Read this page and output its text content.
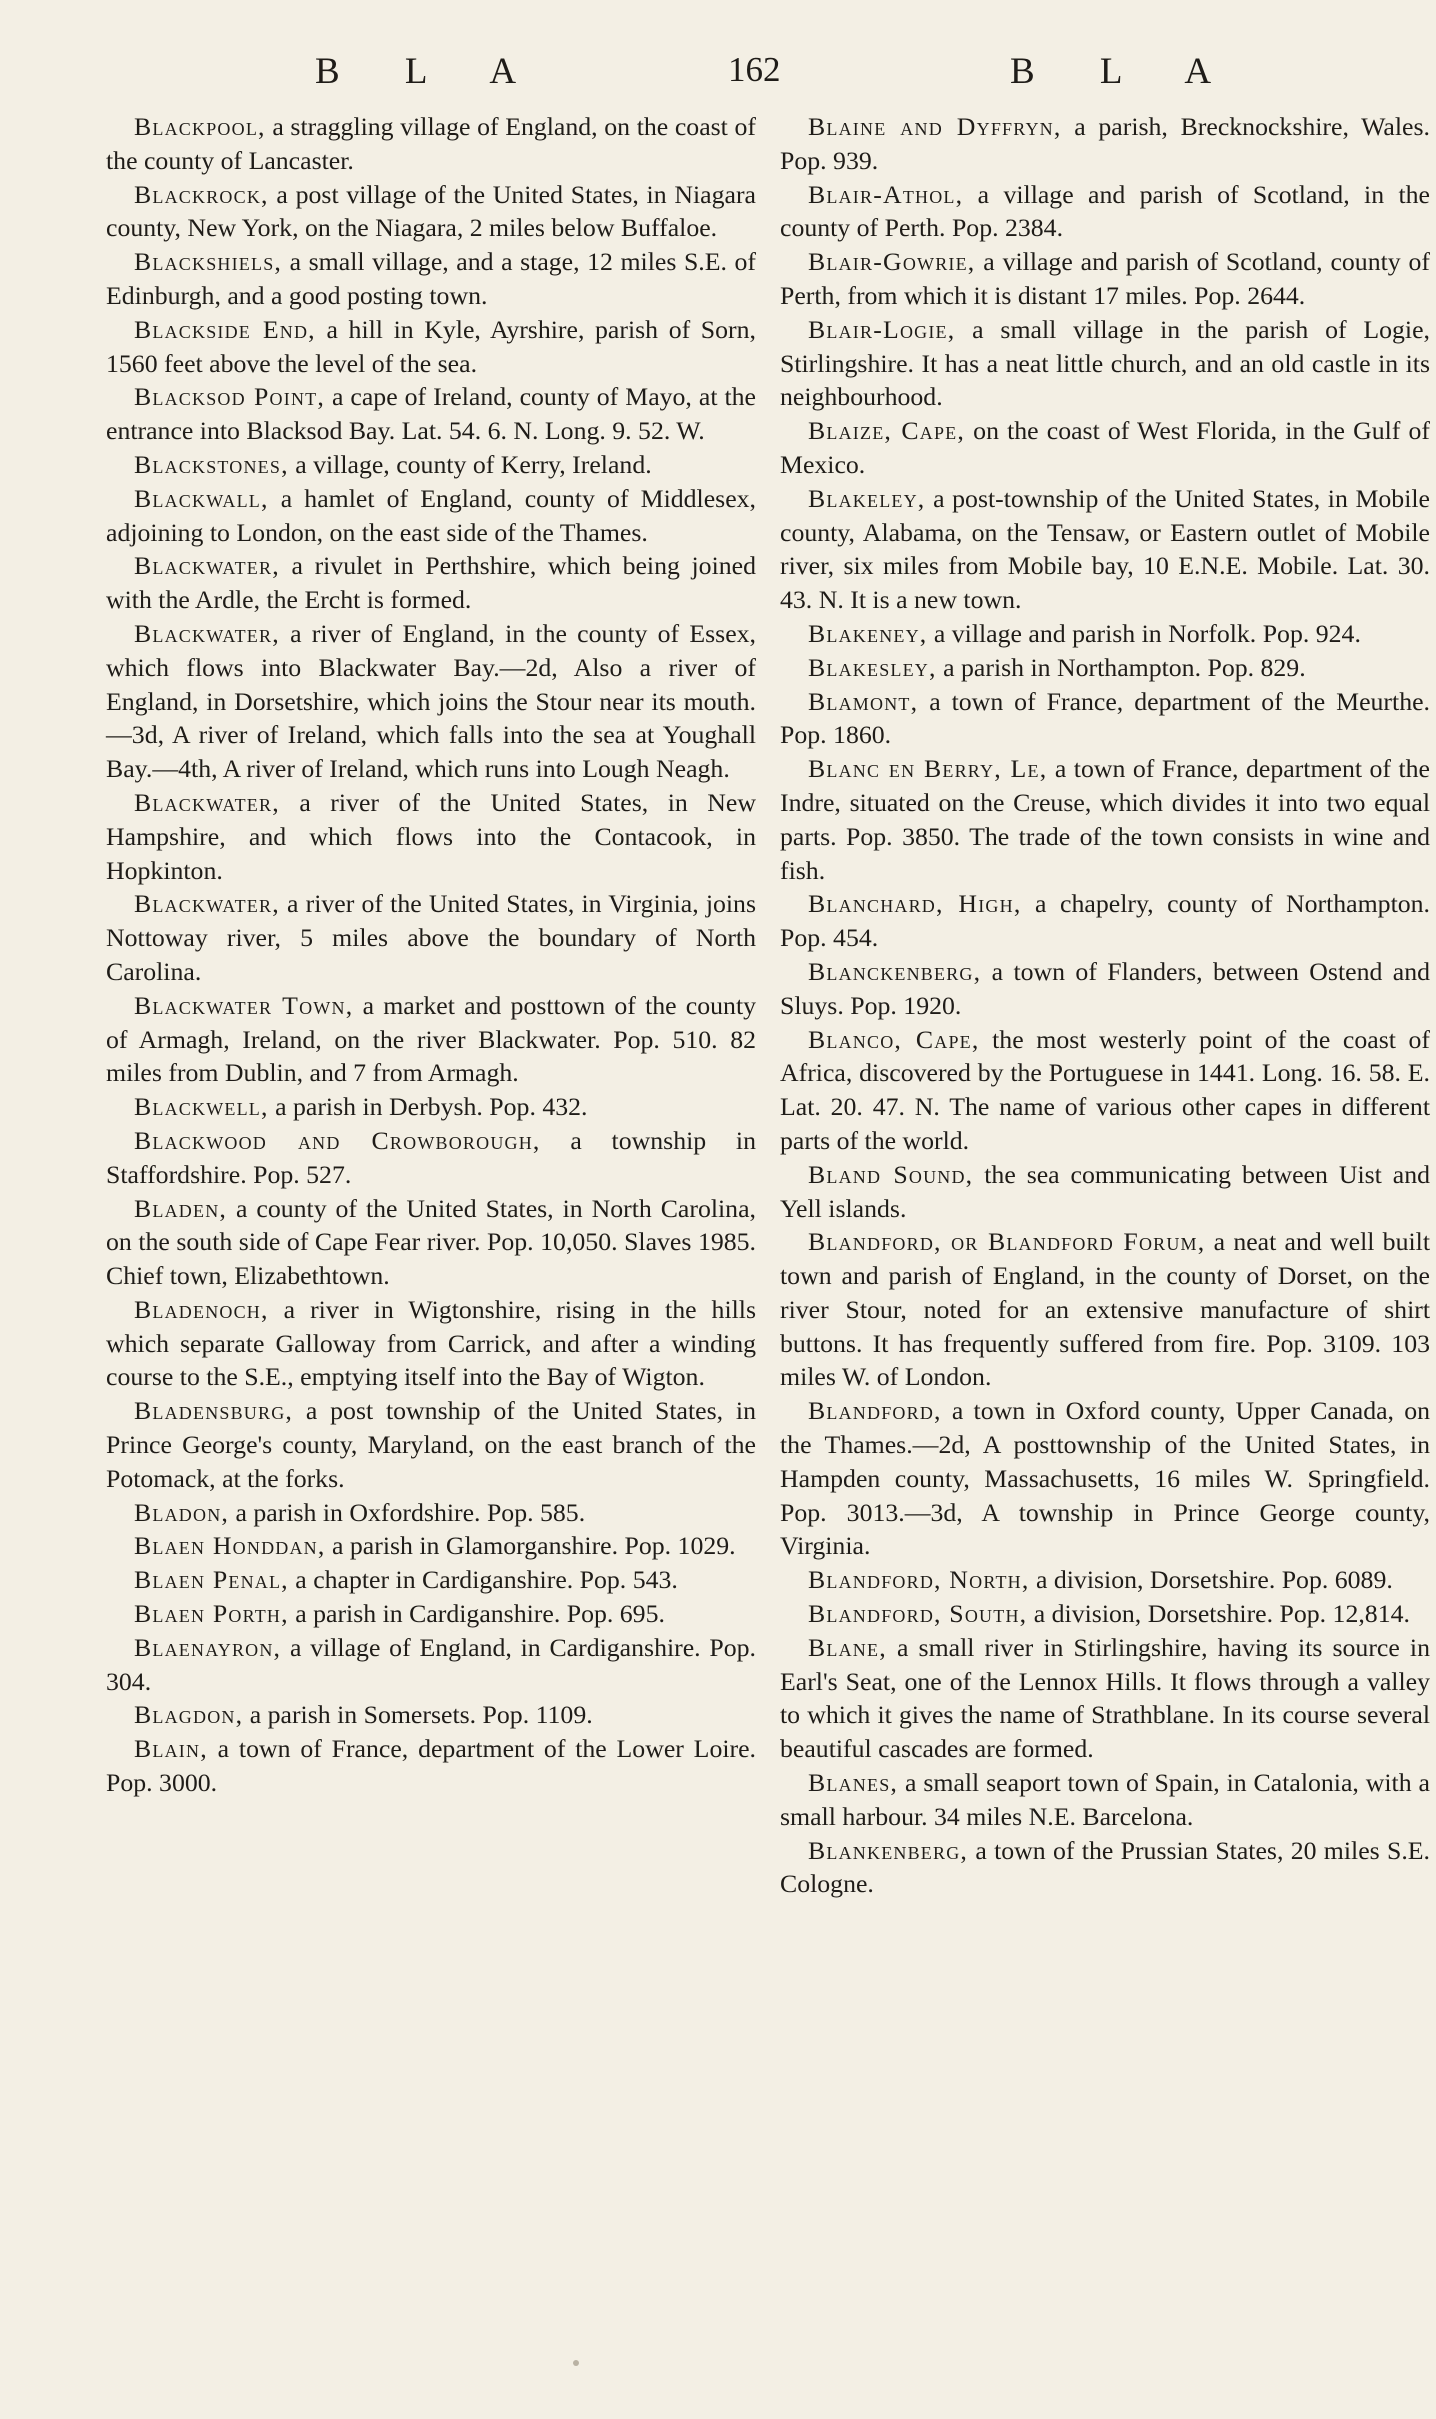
B L A	162	B L A

Blackpool, a straggling village of England, on the coast of the county of Lancaster.

Blackrock, a post village of the United States, in Niagara county, New York, on the Niagara, 2 miles below Buffaloe.

Blackshiels, a small village, and a stage, 12 miles S.E. of Edinburgh, and a good posting town.

Blackside End, a hill in Kyle, Ayrshire, parish of Sorn, 1560 feet above the level of the sea.

Blacksod Point, a cape of Ireland, county of Mayo, at the entrance into Blacksod Bay. Lat. 54. 6. N. Long. 9. 52. W.

Blackstones, a village, county of Kerry, Ireland.

Blackwall, a hamlet of England, county of Middlesex, adjoining to London, on the east side of the Thames.

Blackwater, a rivulet in Perthshire, which being joined with the Ardle, the Ercht is formed.

Blackwater, a river of England, in the county of Essex, which flows into Blackwater Bay.—2d, Also a river of England, in Dorsetshire, which joins the Stour near its mouth.—3d, A river of Ireland, which falls into the sea at Youghall Bay.—4th, A river of Ireland, which runs into Lough Neagh.

Blackwater, a river of the United States, in New Hampshire, and which flows into the Contacook, in Hopkinton.

Blackwater, a river of the United States, in Virginia, joins Nottoway river, 5 miles above the boundary of North Carolina.

Blackwater Town, a market and posttown of the county of Armagh, Ireland, on the river Blackwater. Pop. 510. 82 miles from Dublin, and 7 from Armagh.

Blackwell, a parish in Derbysh. Pop. 432.

Blackwood and Crowborough, a township in Staffordshire. Pop. 527.

Bladen, a county of the United States, in North Carolina, on the south side of Cape Fear river. Pop. 10,050. Slaves 1985. Chief town, Elizabethtown.

Bladenoch, a river in Wigtonshire, rising in the hills which separate Galloway from Carrick, and after a winding course to the S.E., emptying itself into the Bay of Wigton.

Bladensburg, a post township of the United States, in Prince George's county, Maryland, on the east branch of the Potomack, at the forks.

Bladon, a parish in Oxfordshire. Pop. 585.

Blaen Honddan, a parish in Glamorganshire. Pop. 1029.

Blaen Penal, a chapter in Cardiganshire. Pop. 543.

Blaen Porth, a parish in Cardiganshire. Pop. 695.

Blaenayron, a village of England, in Cardiganshire. Pop. 304.

Blagdon, a parish in Somersets. Pop. 1109.

Blain, a town of France, department of the Lower Loire. Pop. 3000.

Blaine and Dyffryn, a parish, Brecknockshire, Wales. Pop. 939.

Blair-Athol, a village and parish of Scotland, in the county of Perth. Pop. 2384.

Blair-Gowrie, a village and parish of Scotland, county of Perth, from which it is distant 17 miles. Pop. 2644.

Blair-Logie, a small village in the parish of Logie, Stirlingshire. It has a neat little church, and an old castle in its neighbourhood.

Blaize, Cape, on the coast of West Florida, in the Gulf of Mexico.

Blakeley, a post-township of the United States, in Mobile county, Alabama, on the Tensaw, or Eastern outlet of Mobile river, six miles from Mobile bay, 10 E.N.E. Mobile. Lat. 30. 43. N. It is a new town.

Blakeney, a village and parish in Norfolk. Pop. 924.

Blakesley, a parish in Northampton. Pop. 829.

Blamont, a town of France, department of the Meurthe. Pop. 1860.

Blanc en Berry, Le, a town of France, department of the Indre, situated on the Creuse, which divides it into two equal parts. Pop. 3850. The trade of the town consists in wine and fish.

Blanchard, High, a chapelry, county of Northampton. Pop. 454.

Blanckenberg, a town of Flanders, between Ostend and Sluys. Pop. 1920.

Blanco, Cape, the most westerly point of the coast of Africa, discovered by the Portuguese in 1441. Long. 16. 58. E. Lat. 20. 47. N. The name of various other capes in different parts of the world.

Bland Sound, the sea communicating between Uist and Yell islands.

Blandford, or Blandford Forum, a neat and well built town and parish of England, in the county of Dorset, on the river Stour, noted for an extensive manufacture of shirt buttons. It has frequently suffered from fire. Pop. 3109. 103 miles W. of London.

Blandford, a town in Oxford county, Upper Canada, on the Thames.—2d, A posttownship of the United States, in Hampden county, Massachusetts, 16 miles W. Springfield. Pop. 3013.—3d, A township in Prince George county, Virginia.

Blandford, North, a division, Dorsetshire. Pop. 6089.

Blandford, South, a division, Dorsetshire. Pop. 12,814.

Blane, a small river in Stirlingshire, having its source in Earl's Seat, one of the Lennox Hills. It flows through a valley to which it gives the name of Strathblane. In its course several beautiful cascades are formed.

Blanes, a small seaport town of Spain, in Catalonia, with a small harbour. 34 miles N.E. Barcelona.

Blankenberg, a town of the Prussian States, 20 miles S.E. Cologne.
